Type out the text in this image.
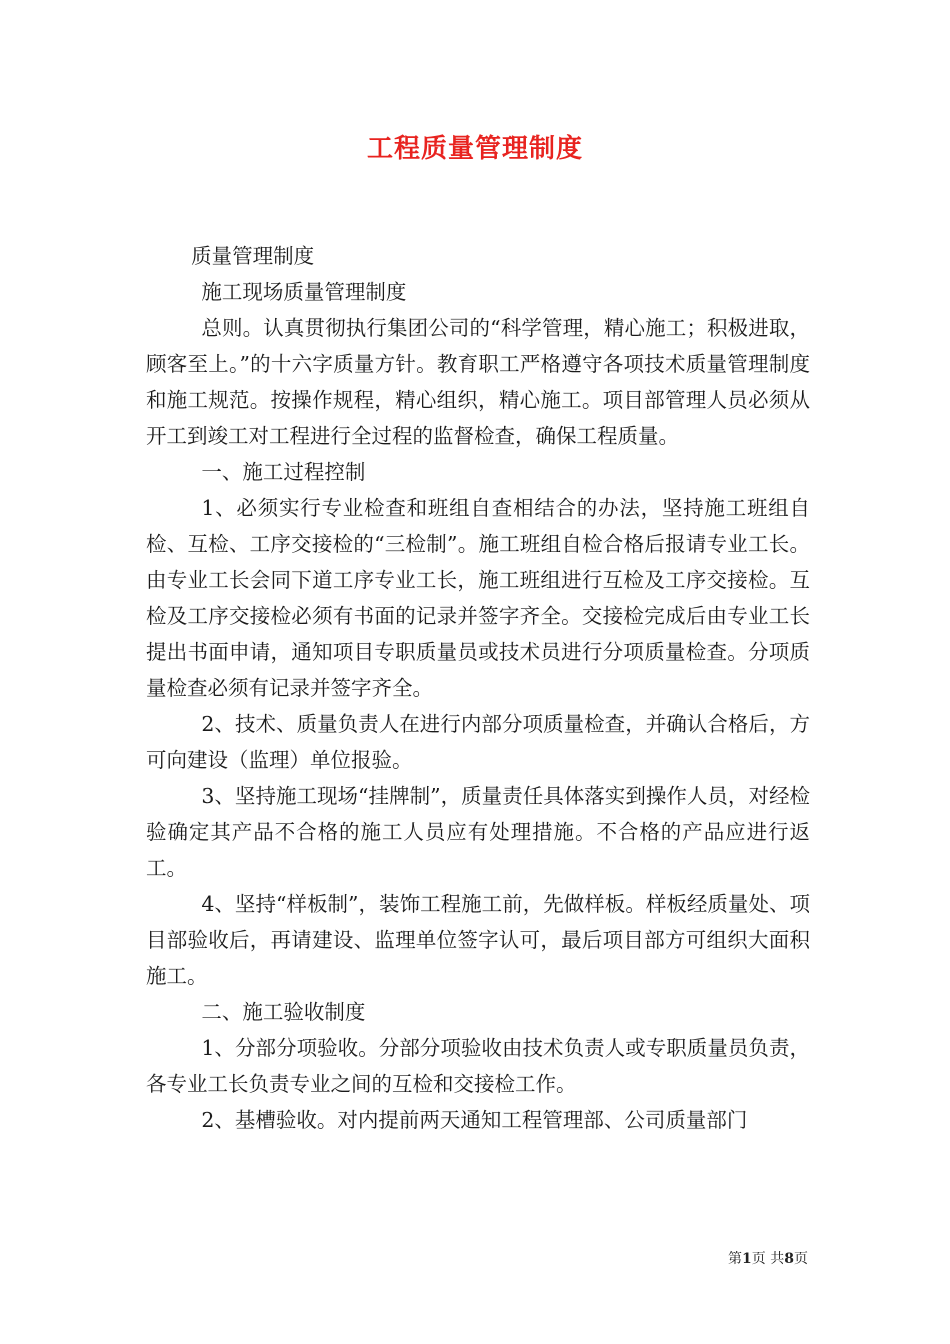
工程质量管理制度

质量管理制度

施工现场质量管理制度

总则。认真贯彻执行集团公司的“科学管理，精心施工；积极进取，顾客至上。”的十六字质量方针。教育职工严格遵守各项技术质量管理制度和施工规范。按操作规程，精心组织，精心施工。项目部管理人员必须从开工到竣工对工程进行全过程的监督检查，确保工程质量。

一、施工过程控制

1、必须实行专业检查和班组自查相结合的办法，坚持施工班组自检、互检、工序交接检的“三检制”。施工班组自检合格后报请专业工长。由专业工长会同下道工序专业工长，施工班组进行互检及工序交接检。互检及工序交接检必须有书面的记录并签字齐全。交接检完成后由专业工长提出书面申请，通知项目专职质量员或技术员进行分项质量检查。分项质量检查必须有记录并签字齐全。

2、技术、质量负责人在进行内部分项质量检查，并确认合格后，方可向建设（监理）单位报验。

3、坚持施工现场“挂牌制”，质量责任具体落实到操作人员，对经检验确定其产品不合格的施工人员应有处理措施。不合格的产品应进行返工。

4、坚持“样板制”，装饰工程施工前，先做样板。样板经质量处、项目部验收后，再请建设、监理单位签字认可，最后项目部方可组织大面积施工。

二、施工验收制度

1、分部分项验收。分部分项验收由技术负责人或专职质量员负责，各专业工长负责专业之间的互检和交接检工作。

2、基槽验收。对内提前两天通知工程管理部、公司质量部门

第1页 共8页
